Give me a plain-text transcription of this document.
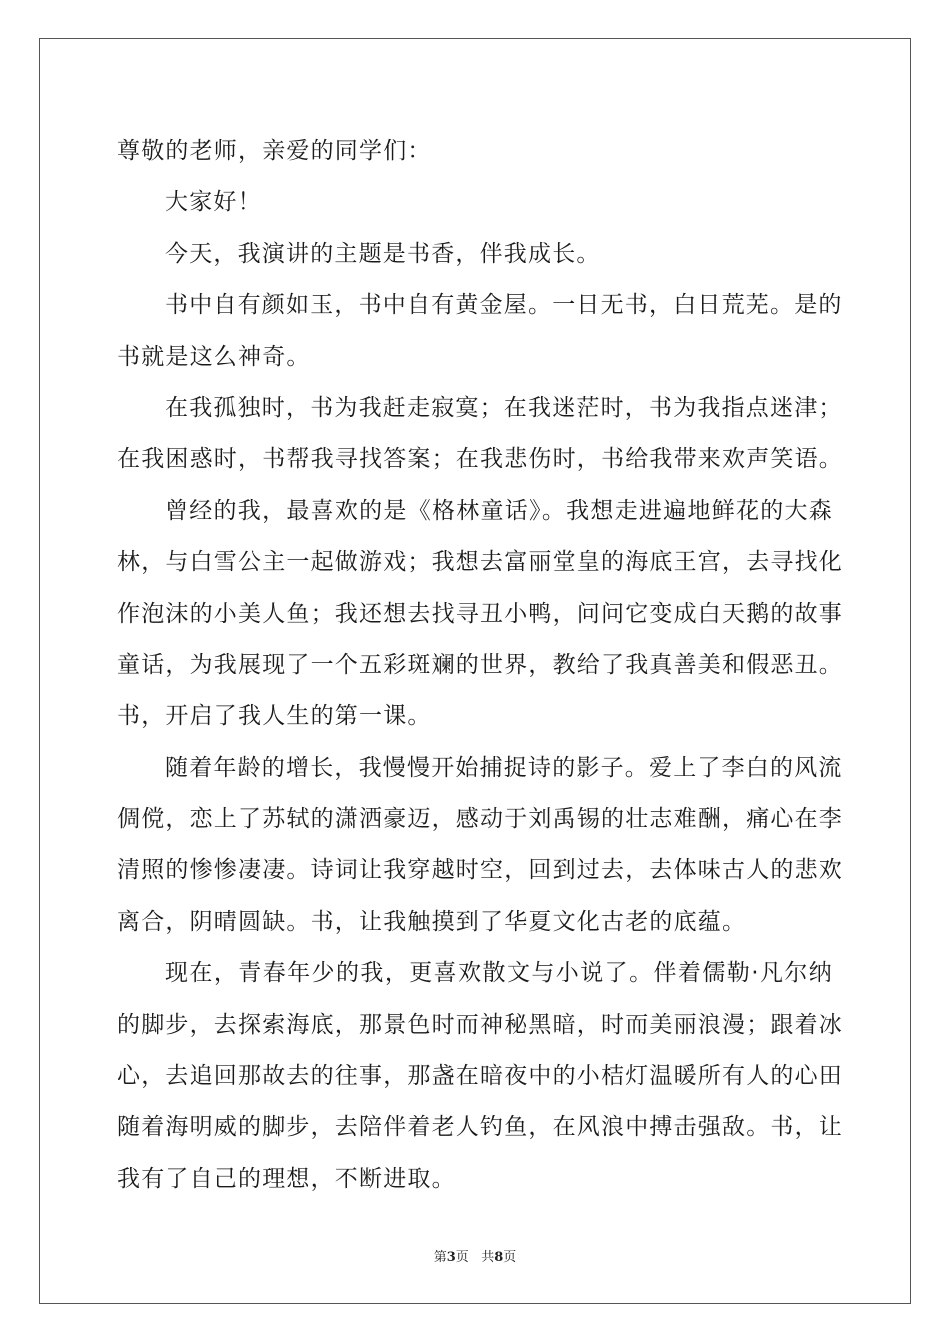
尊敬的老师，亲爱的同学们：
大家好！
今天，我演讲的主题是书香，伴我成长。
书中自有颜如玉，书中自有黄金屋。一日无书，白日荒芜。是的
书就是这么神奇。
在我孤独时，书为我赶走寂寞；在我迷茫时，书为我指点迷津；
在我困惑时，书帮我寻找答案；在我悲伤时，书给我带来欢声笑语。
曾经的我，最喜欢的是《格林童话》。我想走进遍地鲜花的大森
林，与白雪公主一起做游戏；我想去富丽堂皇的海底王宫，去寻找化
作泡沫的小美人鱼；我还想去找寻丑小鸭，问问它变成白天鹅的故事
童话，为我展现了一个五彩斑斓的世界，教给了我真善美和假恶丑。
书，开启了我人生的第一课。
随着年龄的增长，我慢慢开始捕捉诗的影子。爱上了李白的风流
倜傥，恋上了苏轼的潇洒豪迈，感动于刘禹锡的壮志难酬，痛心在李
清照的惨惨凄凄。诗词让我穿越时空，回到过去，去体味古人的悲欢
离合，阴晴圆缺。书，让我触摸到了华夏文化古老的底蕴。
现在，青春年少的我，更喜欢散文与小说了。伴着儒勒·凡尔纳
的脚步，去探索海底，那景色时而神秘黑暗，时而美丽浪漫；跟着冰
心，去追回那故去的往事，那盏在暗夜中的小桔灯温暖所有人的心田
随着海明威的脚步，去陪伴着老人钓鱼，在风浪中搏击强敌。书，让
我有了自己的理想，不断进取。
第3页 共8页
